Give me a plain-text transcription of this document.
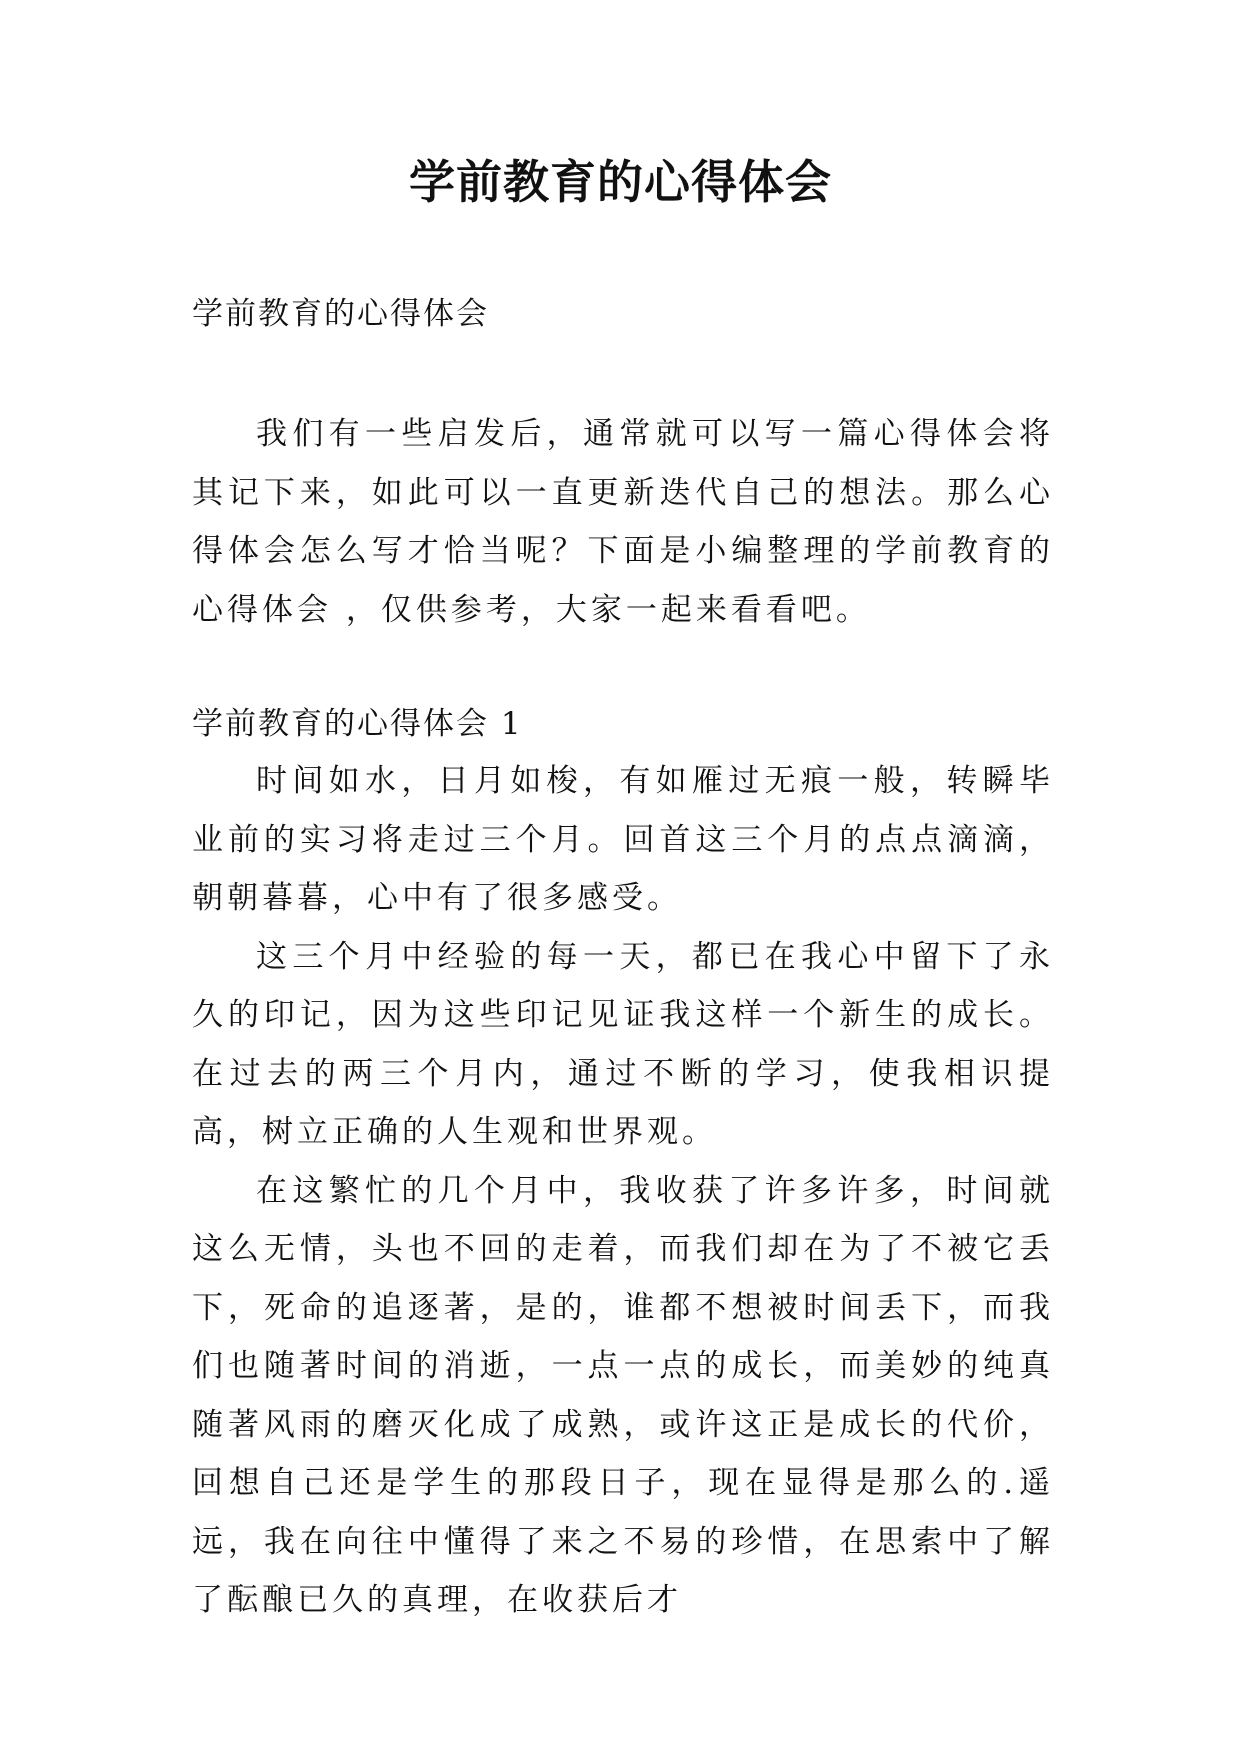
学前教育的心得体会

学前教育的心得体会

我们有一些启发后，通常就可以写一篇心得体会将其记下来，如此可以一直更新迭代自己的想法。那么心得体会怎么写才恰当呢？下面是小编整理的学前教育的心得体会 ，仅供参考，大家一起来看看吧。

学前教育的心得体会 1

时间如水，日月如梭，有如雁过无痕一般，转瞬毕业前的实习将走过三个月。回首这三个月的点点滴滴，朝朝暮暮，心中有了很多感受。

这三个月中经验的每一天，都已在我心中留下了永久的印记，因为这些印记见证我这样一个新生的成长。在过去的两三个月内，通过不断的学习，使我相识提高，树立正确的人生观和世界观。

在这繁忙的几个月中，我收获了许多许多，时间就这么无情，头也不回的走着，而我们却在为了不被它丢下，死命的追逐著，是的，谁都不想被时间丢下，而我们也随著时间的消逝，一点一点的成长，而美妙的纯真随著风雨的磨灭化成了成熟，或许这正是成长的代价，回想自己还是学生的那段日子，现在显得是那么的.遥远，我在向往中懂得了来之不易的珍惜，在思索中了解了酝酿已久的真理，在收获后才
